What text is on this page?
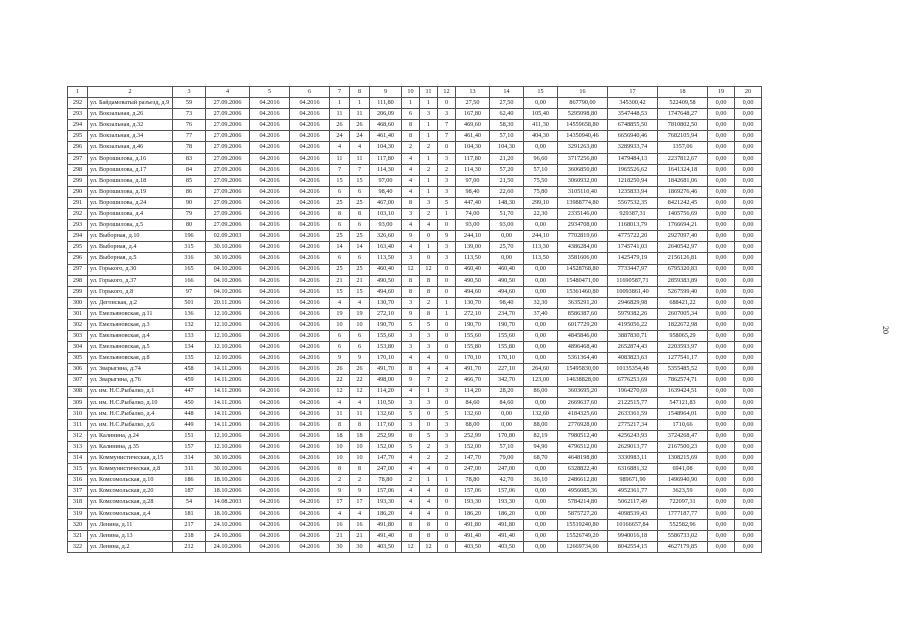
1	2	3	4	5	6	7	8	9	10	11	12	13	14	15	16	17	18	19	20
292	ул. Байдамоватый разъезд, д.9	59	27.09.2006	04.2016	04.2016	1	1	111,80	1	1	0	27,50	27,50	0,00	867790,00	345300,42	522409,58	0,00	0,00
293	ул. Вокзальная, д.26	73	27.09.2006	04.2016	04.2016	11	11	206,09	6	3	3	167,80	62,40	105,40	5295098,80	3547448,53	1747648,27	0,00	0,00
294	ул. Вокзальная, д.32	76	27.09.2006	04.2016	04.2016	26	26	468,60	8	1	7	469,60	58,30	411,30	14559658,80	6748855,50	7810802,50	0,00	0,00
295	ул. Вокзальная, д.34	77	27.09.2006	04.2016	04.2016	24	24	461,40	8	1	7	461,40	57,10	404,30	14350940,46	6656940,46	7682105,94	0,00	0,00
296	ул. Вокзальная, д.46	78	27.09.2006	04.2016	04.2016	4	4	104,30	2	2	0	104,30	104,30	0,00	3291263,80	3289933,74	1357,06	0,00	0,00
297	ул. Ворошилова, д.16	83	27.09.2006	04.2016	04.2016	11	11	117,80	4	1	3	117,80	21,20	96,60	3717256,80	1479484,13	2237812,67	0,00	0,00
298	ул. Ворошилова, д.17	84	27.09.2006	04.2016	04.2016	7	7	114,30	4	2	2	114,30	57,20	57,10	3606850,80	1965526,62	1641324,18	0,00	0,00
299	ул. Ворошилова, д.18	85	27.09.2006	04.2016	04.2016	15	15	97,00	4	1	3	97,00	21,50	75,50	3060932,00	1218250,94	1842681,06	0,00	0,00
290	ул. Ворошилова, д.19	86	27.09.2006	04.2016	04.2016	6	6	98,40	4	1	3	98,40	22,60	75,80	3105110,40	1235833,94	1869276,46	0,00	0,00
291	ул. Ворошилова, д.24	90	27.09.2006	04.2016	04.2016	25	25	467,00	8	3	5	447,40	148,30	299,10	13988774,80	5567532,35	8421242,45	0,00	0,00
292	ул. Ворошилова, д.4	79	27.09.2006	04.2016	04.2016	8	8	103,10	3	2	1	74,00	51,70	22,30	2335146,00	929387,31	1405756,69	0,00	0,00
293	ул. Ворошилова, д.5	80	27.09.2006	04.2016	04.2016	6	6	93,00	4	4	0	93,00	93,00	0,00	2934708,00	1168013,79	1766694,21	0,00	0,00
294	ул. Выборная, д.10	196	02.09.2003	04.2016	04.2016	25	25	326,60	9	0	9	244,10	0,00	244,10	7702819,60	4775722,20	2927097,40	0,00	0,00
295	ул. Выборная, д.4	315	30.10.2006	04.2016	04.2016	14	14	163,40	4	1	3	139,00	25,70	113,30	4386284,00	1745741,03	2640542,97	0,00	0,00
296	ул. Выборная, д.5	316	30.10.2006	04.2016	04.2016	6	6	113,50	3	0	3	113,50	0,00	113,50	3581606,00	1425479,19	2156126,81	0,00	0,00
297	ул. Горького, д.30	165	04.10.2006	04.2016	04.2016	25	25	460,40	12	12	0	460,40	460,40	0,00	14528768,80	7733447,97	6795320,83	0,00	0,00
298	ул. Горького, д.37	166	04.10.2006	04.2016	04.2016	21	21	490,50	8	8	0	490,50	490,50	0,00	15480471,00	11690587,71	2859383,89	0,00	0,00
299	ул. Горького, д.8	97	04.10.2006	04.2016	04.2016	15	15	494,60	8	8	0	494,60	494,60	0,00	15361460,80	10093861,40	5267599,40	0,00	0,00
300	ул. Дегонская, д.2	501	20.11.2006	04.2016	04.2016	4	4	130,70	3	2	1	130,70	98,40	32,30	3635291,20	2946829,98	688421,22	0,00	0,00
301	ул. Емельяновская, д.11	136	12.10.2006	04.2016	04.2016	19	19	272,10	9	8	1	272,10	234,70	37,40	8586387,60	5979382,26	2607005,34	0,00	0,00
302	ул. Емельяновская, д.3	132	12.10.2006	04.2016	04.2016	10	10	190,70	5	5	0	190,70	190,70	0,00	6017729,20	4195056,22	1822672,98	0,00	0,00
303	ул. Емельяновская, д.4	133	12.10.2006	04.2016	04.2016	6	6	155,60	3	3	0	155,60	155,60	0,00	4845846,00	3887830,71	958065,29	0,00	0,00
304	ул. Емельяновская, д.5	134	12.10.2006	04.2016	04.2016	6	6	153,80	3	3	0	155,80	155,80	0,00	4896468,40	2652874,43	2203593,97	0,00	0,00
305	ул. Емельяновская, д.8	135	12.10.2006	04.2016	04.2016	9	9	170,10	4	4	0	170,10	170,10	0,00	5361364,40	4083823,63	1277541,17	0,00	0,00
306	ул. Зварыгина, д.74	458	14.11.2006	04.2016	04.2016	26	26	491,70	8	4	4	491,70	227,10	264,60	15495830,00	10135354,48	5355485,52	0,00	0,00
307	ул. Зварыгина, д.76	459	14.11.2006	04.2016	04.2016	22	22	498,00	9	7	2	466,70	342,70	123,00	14638828,00	6776253,69	7862574,71	0,00	0,00
308	ул. им. Н.С.Рыбалко, д.1	447	14.11.2006	04.2016	04.2016	12	12	114,20	4	1	3	114,20	28,20	86,00	3603695,20	1964270,69	1639424,51	0,00	0,00
309	ул. им. Н.С.Рыбалко, д.10	450	14.11.2006	04.2016	04.2016	4	4	110,50	3	3	0	84,60	84,60	0,00	2669637,60	2122515,77	547121,83	0,00	0,00
310	ул. им. Н.С.Рыбалко, д.4	448	14.11.2006	04.2016	04.2016	11	11	132,60	5	0	5	132,60	0,00	132,60	4184325,60	2633361,59	1548964,01	0,00	0,00
311	ул. им. Н.С.Рыбалко, д.6	449	14.11.2006	04.2016	04.2016	8	8	117,60	3	0	3	88,00	0,00	88,00	2776928,00	2775217,34	1710,66	0,00	0,00
312	ул. Калинина, д.24	151	12.10.2006	04.2016	04.2016	18	18	252,99	8	5	3	252,99	170,80	82,19	7980512,40	4256243,93	3724268,47	0,00	0,00
313	ул. Калинина, д.35	157	12.10.2006	04.2016	04.2016	10	10	152,00	5	2	3	152,00	57,10	94,90	4796512,00	2629013,77	2167500,23	0,00	0,00
314	ул. Коммунистическая, д.15	314	30.10.2006	04.2016	04.2016	10	10	147,70	4	2	2	147,70	79,00	68,70	4648198,80	3330983,11	1308215,69	0,00	0,00
315	ул. Коммунистическая, д.8	311	30.10.2006	04.2016	04.2016	8	8	247,00	4	4	0	247,00	247,00	0,00	6328822,40	6316881,32	6941,08	0,00	0,00
316	ул. Комсомольская, д.10	186	18.10.2006	04.2016	04.2016	2	2	78,80	2	1	1	78,80	42,70	36,10	2486612,80	989671,90	1496940,90	0,00	0,00
317	ул. Комсомольская, д.20	187	18.10.2006	04.2016	04.2016	9	9	157,06	4	4	0	157,06	157,06	0,00	4956085,36	4952361,77	3623,59	0,00	0,00
318	ул. Комсомольская, д.28	54	14.08.2003	04.2016	04.2016	17	17	193,30	4	4	0	193,30	193,30	0,00	5784214,80	5062117,49	722097,31	0,00	0,00
319	ул. Комсомольская, д.4	181	18.10.2006	04.2016	04.2016	4	4	186,20	4	4	0	186,20	186,20	0,00	5875727,20	4098539,43	1777187,77	0,00	0,00
320	ул. Ленина, д.11	217	24.10.2006	04.2016	04.2016	16	16	491,80	8	8	0	491,80	491,80	0,00	15519240,80	10166657,84	552582,96	0,00	0,00
321	ул. Ленина, д.13	218	24.10.2006	04.2016	04.2016	21	21	491,40	8	8	0	491,40	491,40	0,00	15526749,20	9940016,18	5586733,02	0,00	0,00
322	ул. Ленина, д.2	212	24.10.2006	04.2016	04.2016	30	30	403,50	12	12	0	403,50	403,50	0,00	12669734,00	8042554,15	4627179,85	0,00	0,00
20
